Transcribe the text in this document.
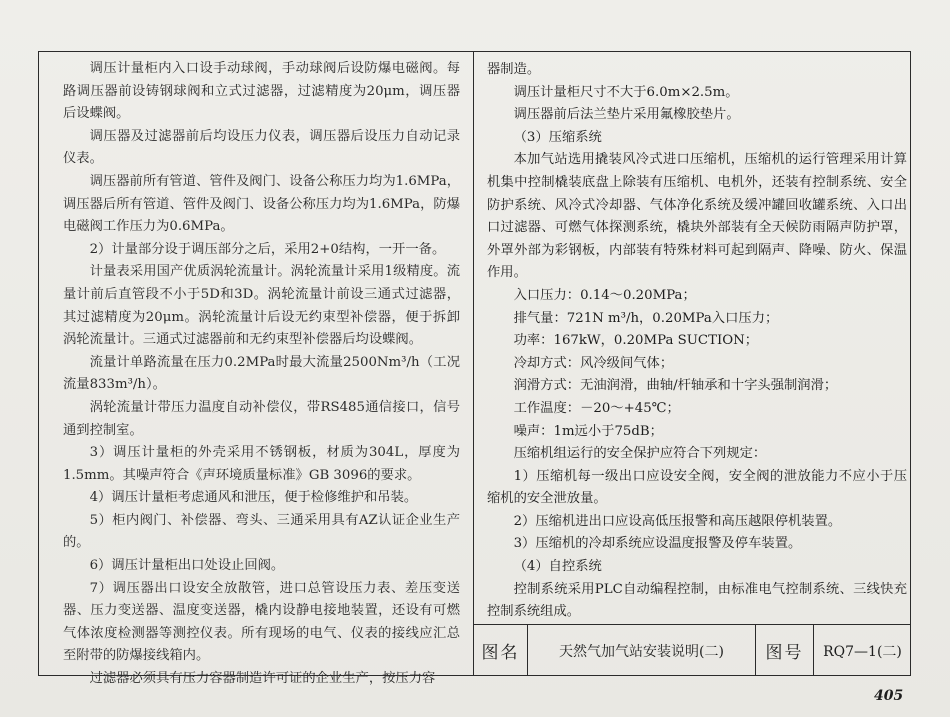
调压计量柜内入口设手动球阀，手动球阀后设防爆电磁阀。每路调压器前设铸钢球阀和立式过滤器，过滤精度为20μm，调压器后设蝶阀。

调压器及过滤器前后均设压力仪表，调压器后设压力自动记录仪表。

调压器前所有管道、管件及阀门、设备公称压力均为1.6MPa，调压器后所有管道、管件及阀门、设备公称压力均为1.6MPa，防爆电磁阀工作压力为0.6MPa。

2）计量部分设于调压部分之后，采用2+0结构，一开一备。

计量表采用国产优质涡轮流量计。涡轮流量计采用1级精度。流量计前后直管段不小于5D和3D。涡轮流量计前设三通式过滤器，其过滤精度为20μm。涡轮流量计后设无约束型补偿器，便于拆卸涡轮流量计。三通式过滤器前和无约束型补偿器后均设蝶阀。

流量计单路流量在压力0.2MPa时最大流量2500Nm³/h（工况流量833m³/h）。

涡轮流量计带压力温度自动补偿仪，带RS485通信接口，信号通到控制室。

3）调压计量柜的外壳采用不锈钢板，材质为304L，厚度为1.5mm。其噪声符合《声环境质量标准》GB 3096的要求。

4）调压计量柜考虑通风和泄压，便于检修维护和吊装。

5）柜内阀门、补偿器、弯头、三通采用具有AZ认证企业生产的。

6）调压计量柜出口处设止回阀。

7）调压器出口设安全放散管，进口总管设压力表、差压变送器、压力变送器、温度变送器，橇内设静电接地装置，还设有可燃气体浓度检测器等测控仪表。所有现场的电气、仪表的接线应汇总至附带的防爆接线箱内。

过滤器必须具有压力容器制造许可证的企业生产，按压力容

器制造。

调压计量柜尺寸不大于6.0m×2.5m。

调压器前后法兰垫片采用氟橡胶垫片。

（3）压缩系统

本加气站选用撬装风冷式进口压缩机，压缩机的运行管理采用计算机集中控制橇装底盘上除装有压缩机、电机外，还装有控制系统、安全防护系统、风冷式冷却器、气体净化系统及缓冲罐回收罐系统、入口出口过滤器、可燃气体探测系统，橇块外部装有全天候防雨隔声防护罩，外罩外部为彩钢板，内部装有特殊材料可起到隔声、降噪、防火、保温作用。

入口压力：0.14～0.20MPa；

排气量：721N m³/h，0.20MPa入口压力；

功率：167kW，0.20MPa SUCTION；

冷却方式：风冷级间气体；

润滑方式：无油润滑，曲轴/杆轴承和十字头强制润滑；

工作温度：－20～+45℃；

噪声：1m远小于75dB；

压缩机组运行的安全保护应符合下列规定：

1）压缩机每一级出口应设安全阀，安全阀的泄放能力不应小于压缩机的安全泄放量。

2）压缩机进出口应设高低压报警和高压越限停机装置。

3）压缩机的冷却系统应设温度报警及停车装置。

（4）自控系统

控制系统采用PLC自动编程控制，由标准电气控制系统、三线快充控制系统组成。

图名	天然气加气站安装说明(二)	图号	RQ7—1(二)
405
